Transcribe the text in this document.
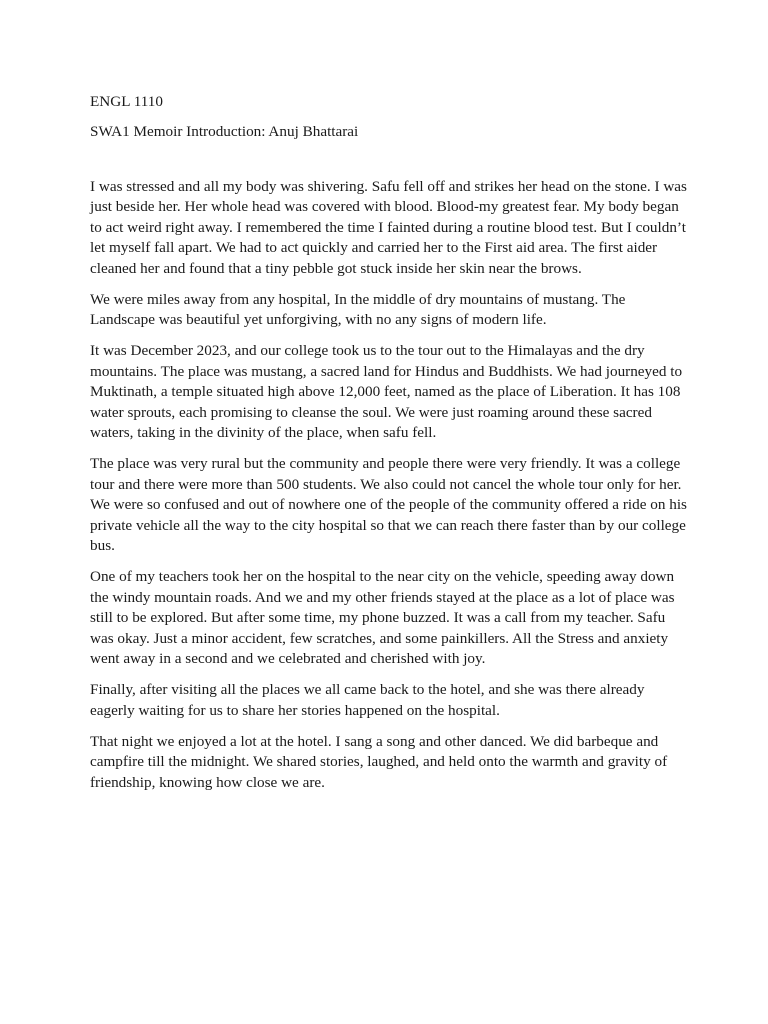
ENGL 1110

SWA1 Memoir Introduction: Anuj Bhattarai

I was stressed and all my body was shivering. Safu fell off and strikes her head on the stone. I was just beside her. Her whole head was covered with blood. Blood-my greatest fear. My body began to act weird right away. I remembered the time I fainted during a routine blood test. But I couldn’t let myself fall apart. We had to act quickly and carried her to the First aid area. The first aider cleaned her and found that a tiny pebble got stuck inside her skin near the brows.

We were miles away from any hospital, In the middle of dry mountains of mustang. The Landscape was beautiful yet unforgiving, with no any signs of modern life.

It was December 2023, and our college took us to the tour out to the Himalayas and the dry mountains. The place was mustang, a sacred land for Hindus and Buddhists. We had journeyed to Muktinath, a temple situated high above 12,000 feet, named as the place of Liberation. It has 108 water sprouts, each promising to cleanse the soul. We were just roaming around these sacred waters, taking in the divinity of the place, when safu fell.

The place was very rural but the community and people there were very friendly. It was a college tour and there were more than 500 students. We also could not cancel the whole tour only for her. We were so confused and out of nowhere one of the people of the community offered a ride on his private vehicle all the way to the city hospital so that we can reach there faster than by our college bus.

One of my teachers took her on the hospital to the near city on the vehicle, speeding away down the windy mountain roads. And we and my other friends stayed at the place as a lot of place was still to be explored. But after some time, my phone buzzed. It was a call from my teacher. Safu was okay. Just a minor accident, few scratches, and some painkillers. All the Stress and anxiety went away in a second and we celebrated and cherished with joy.

Finally, after visiting all the places we all came back to the hotel, and she was there already eagerly waiting for us to share her stories happened on the hospital.

That night we enjoyed a lot at the hotel. I sang a song and other danced. We did barbeque and campfire till the midnight. We shared stories, laughed, and held onto the warmth and gravity of friendship, knowing how close we are.
